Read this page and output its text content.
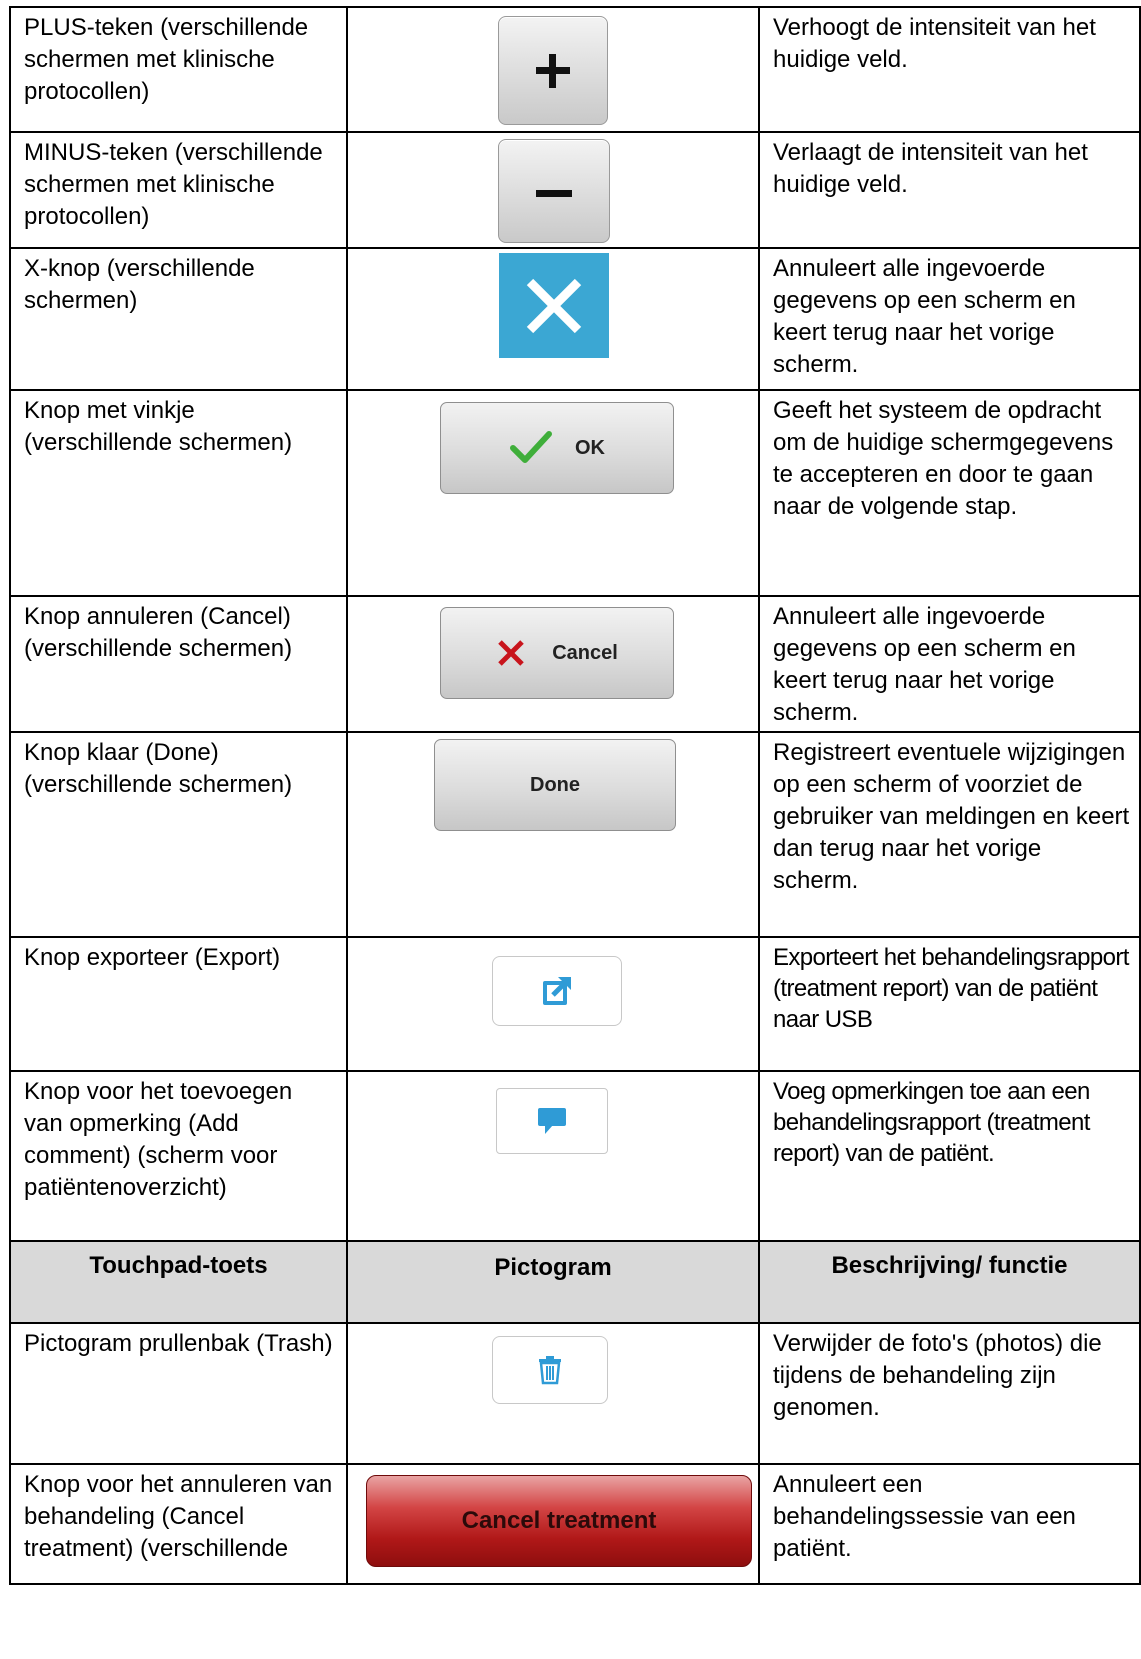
PLUS-teken (verschillende schermen met klinische protocollen)		Verhoogt de intensiteit van het huidige veld.

MINUS-teken (verschillende schermen met klinische protocollen)		Verlaagt de intensiteit van het huidige veld.

X-knop (verschillende schermen)		Annuleert alle ingevoerde gegevens op een scherm en keert terug naar het vorige scherm.

Knop met vinkje (verschillende schermen)	OK	Geeft het systeem de opdracht om de huidige schermgegevens te accepteren en door te gaan naar de volgende stap.

Knop annuleren (Cancel) (verschillende schermen)	Cancel	Annuleert alle ingevoerde gegevens op een scherm en keert terug naar het vorige scherm.

Knop klaar (Done) (verschillende schermen)	Done	Registreert eventuele wijzigingen op een scherm of voorziet de gebruiker van meldingen en keert dan terug naar het vorige scherm.

Knop exporteer (Export)		Exporteert het behandelingsrapport (treatment report) van de patiënt naar USB

Knop voor het toevoegen van opmerking (Add comment) (scherm voor patiëntenoverzicht)		Voeg opmerkingen toe aan een behandelingsrapport (treatment report) van de patiënt.

Touchpad-toets	Pictogram	Beschrijving/ functie

Pictogram prullenbak (Trash)		Verwijder de foto's (photos) die tijdens de behandeling zijn genomen.

Knop voor het annuleren van behandeling (Cancel treatment) (verschillende	Cancel treatment	Annuleert een behandelingssessie van een patiënt.
